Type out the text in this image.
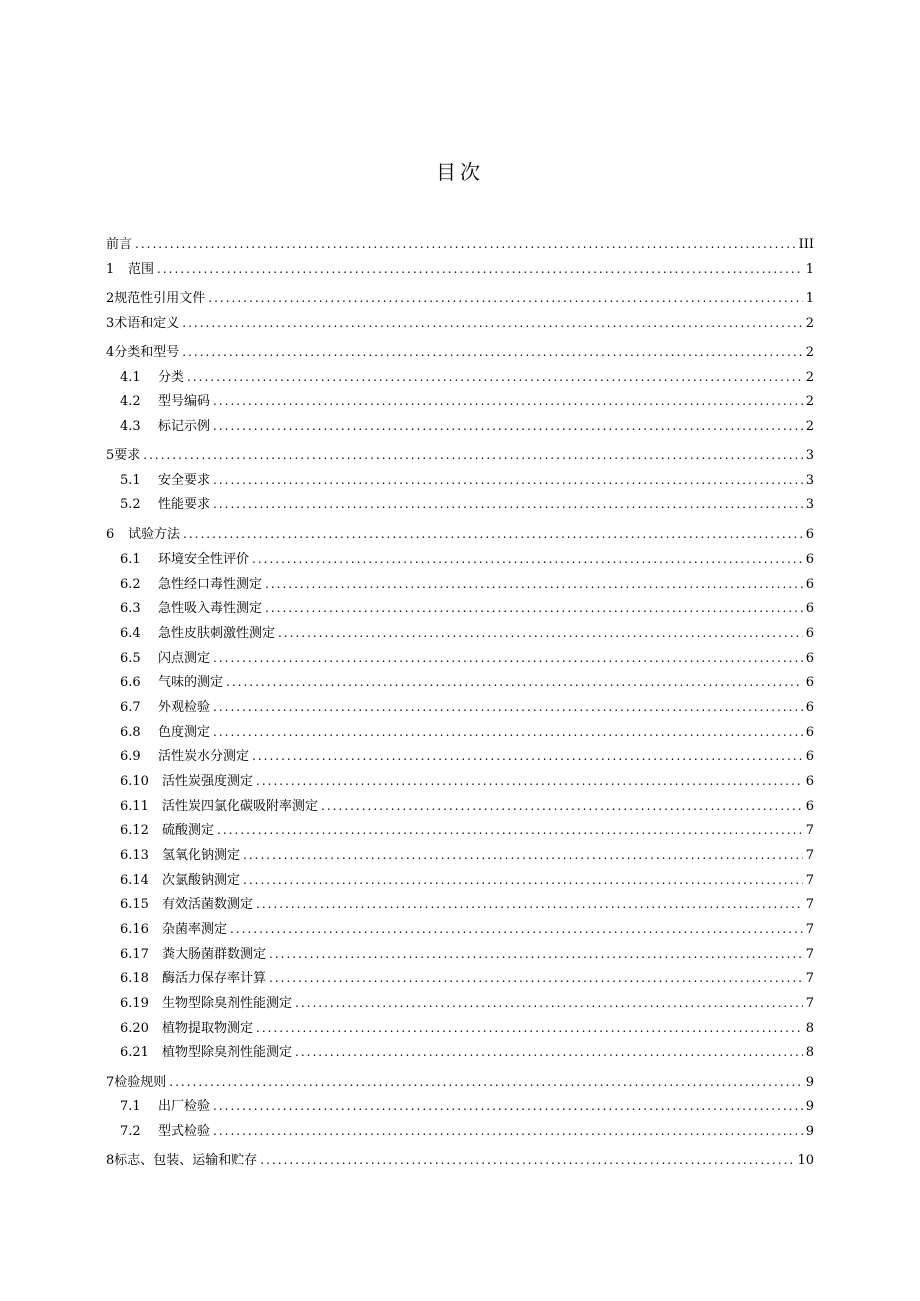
目次
前言 .....	III
1	范围 .....	1
2 规范性引用文件 .....	1
3 术语和定义 .....	2
4 分类和型号 .....	2
4.1	分类 .....	2
4.2	型号编码 .....	2
4.3	标记示例 .....	2
5 要求 .....	3
5.1	安全要求 .....	3
5.2	性能要求 .....	3
6	试验方法 .....	6
6.1	环境安全性评价 .....	6
6.2	急性经口毒性测定 .....	6
6.3	急性吸入毒性测定 .....	6
6.4	急性皮肤刺激性测定 .....	6
6.5	闪点测定 .....	6
6.6	气味的测定 .....	6
6.7	外观检验 .....	6
6.8	色度测定 .....	6
6.9	活性炭水分测定 .....	6
6.10	活性炭强度测定 .....	6
6.11	活性炭四氯化碳吸附率测定 .....	6
6.12	硫酸测定 .....	7
6.13	氢氧化钠测定 .....	7
6.14	次氯酸钠测定 .....	7
6.15	有效活菌数测定 .....	7
6.16	杂菌率测定 .....	7
6.17	粪大肠菌群数测定 .....	7
6.18	酶活力保存率计算 .....	7
6.19	生物型除臭剂性能测定 .....	7
6.20	植物提取物测定 .....	8
6.21	植物型除臭剂性能测定 .....	8
7 检验规则 .....	9
7.1	出厂检验 .....	9
7.2	型式检验 .....	9
8 标志、包装、运输和贮存 .....	10
